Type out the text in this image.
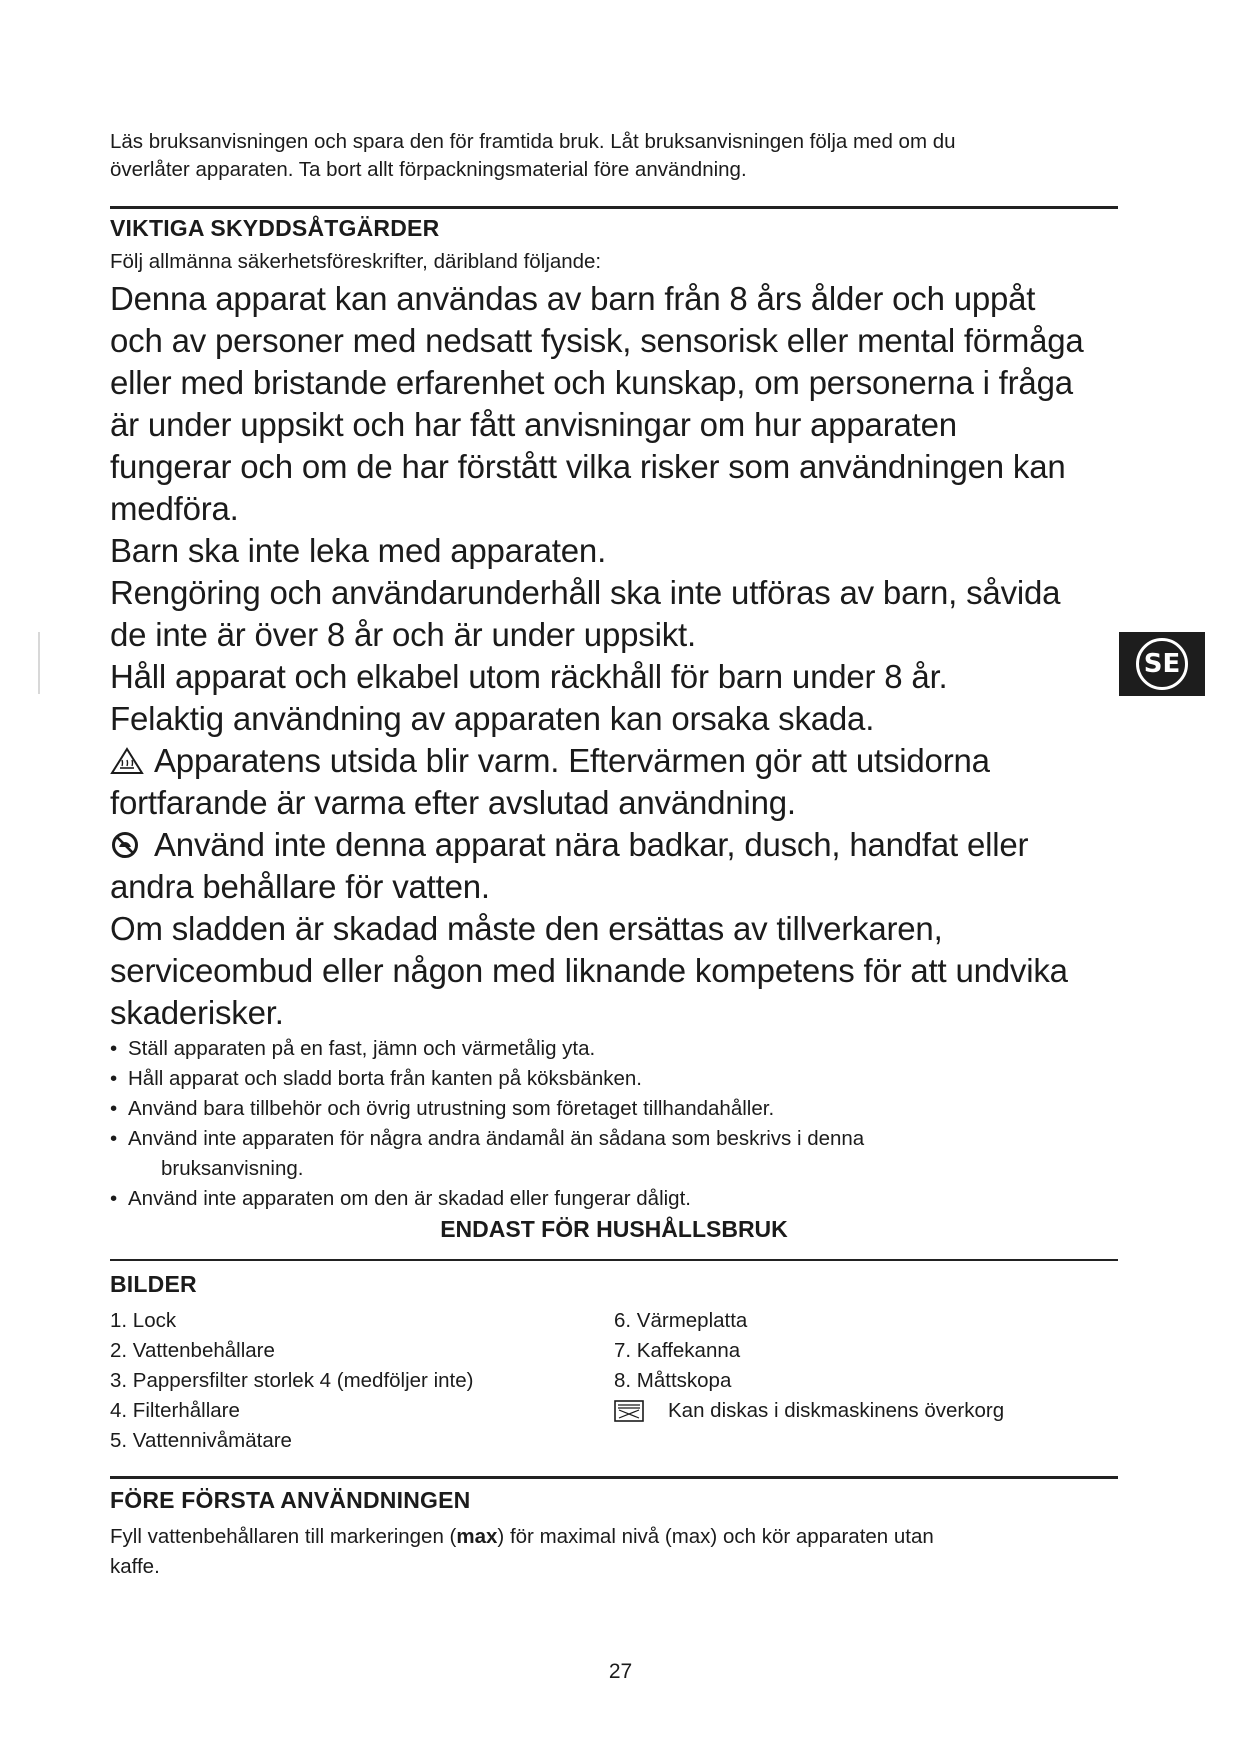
Läs bruksanvisningen och spara den för framtida bruk. Låt bruksanvisningen följa med om du

överlåter apparaten. Ta bort allt förpackningsmaterial före användning.

VIKTIGA SKYDDSÅTGÄRDER

Följ allmänna säkerhetsföreskrifter, däribland följande:

Denna apparat kan användas av barn från 8 års ålder och uppåt

och av personer med nedsatt fysisk, sensorisk eller mental förmåga

eller med bristande erfarenhet och kunskap, om personerna i fråga

är under uppsikt och har fått anvisningar om hur apparaten

fungerar och om de har förstått vilka risker som användningen kan

medföra.

Barn ska inte leka med apparaten.

Rengöring och användarunderhåll ska inte utföras av barn, såvida

de inte är över 8 år och är under uppsikt.

Håll apparat och elkabel utom räckhåll för barn under 8 år.

Felaktig användning av apparaten kan orsaka skada.

Apparatens utsida blir varm. Eftervärmen gör att utsidorna

fortfarande är varma efter avslutad användning.

Använd inte denna apparat nära badkar, dusch, handfat eller

andra behållare för vatten.

Om sladden är skadad måste den ersättas av tillverkaren,

serviceombud eller någon med liknande kompetens för att undvika

skaderisker.

• Ställ apparaten på en fast, jämn och värmetålig yta.
• Håll apparat och sladd borta från kanten på köksbänken.
• Använd bara tillbehör och övrig utrustning som företaget tillhandahåller.
• Använd inte apparaten för några andra ändamål än sådana som beskrivs i denna
bruksanvisning.
• Använd inte apparaten om den är skadad eller fungerar dåligt.

ENDAST FÖR HUSHÅLLSBRUK

BILDER
1. Lock
2. Vattenbehållare
3. Pappersfilter storlek 4 (medföljer inte)
4. Filterhållare
5. Vattennivåmätare
6. Värmeplatta
7. Kaffekanna
8. Måttskopa
Kan diskas i diskmaskinens överkorg
FÖRE FÖRSTA ANVÄNDNINGEN

Fyll vattenbehållaren till markeringen (max) för maximal nivå (max) och kör apparaten utan

kaffe.

SE
27
